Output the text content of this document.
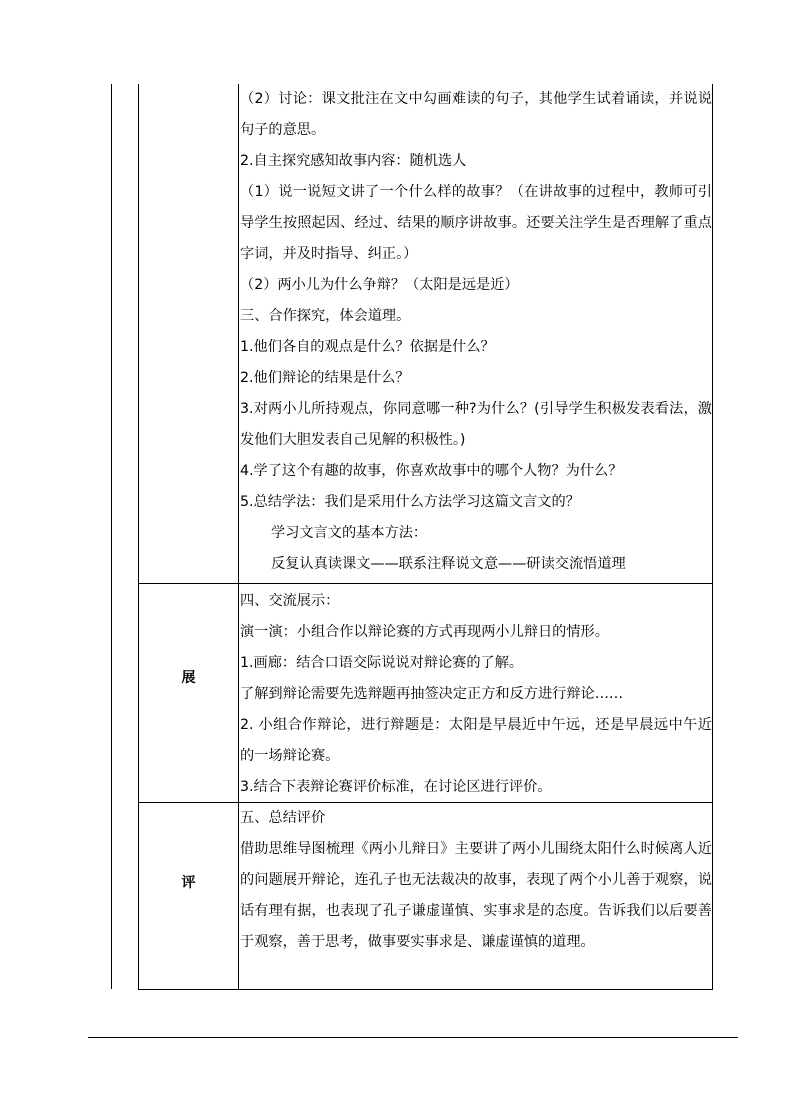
（2）讨论：课文批注在文中勾画难读的句子，其他学生试着诵读，并说说句子的意思。

2.自主探究感知故事内容：随机选人

（1）说一说短文讲了一个什么样的故事？（在讲故事的过程中，教师可引导学生按照起因、经过、结果的顺序讲故事。还要关注学生是否理解了重点字词，并及时指导、纠正。）

（2）两小儿为什么争辩？（太阳是远是近）

三、合作探究，体会道理。

1.他们各自的观点是什么？依据是什么？

2.他们辩论的结果是什么？

3.对两小儿所持观点，你同意哪一种?为什么？(引导学生积极发表看法，激发他们大胆发表自己见解的积极性。)

4.学了这个有趣的故事，你喜欢故事中的哪个人物？为什么？

5.总结学法：我们是采用什么方法学习这篇文言文的？

学习文言文的基本方法：

反复认真读课文——联系注释说文意——研读交流悟道理

展

四、交流展示：

演一演：小组合作以辩论赛的方式再现两小儿辩日的情形。

1.画廊：结合口语交际说说对辩论赛的了解。

了解到辩论需要先选辩题再抽签决定正方和反方进行辩论……

2. 小组合作辩论，进行辩题是：太阳是早晨近中午远，还是早晨远中午近的一场辩论赛。

3.结合下表辩论赛评价标准，在讨论区进行评价。

评

五、总结评价

借助思维导图梳理《两小儿辩日》主要讲了两小儿围绕太阳什么时候离人近的问题展开辩论，连孔子也无法裁决的故事，表现了两个小儿善于观察，说话有理有据，也表现了孔子谦虚谨慎、实事求是的态度。告诉我们以后要善于观察，善于思考，做事要实事求是、谦虚谨慎的道理。
